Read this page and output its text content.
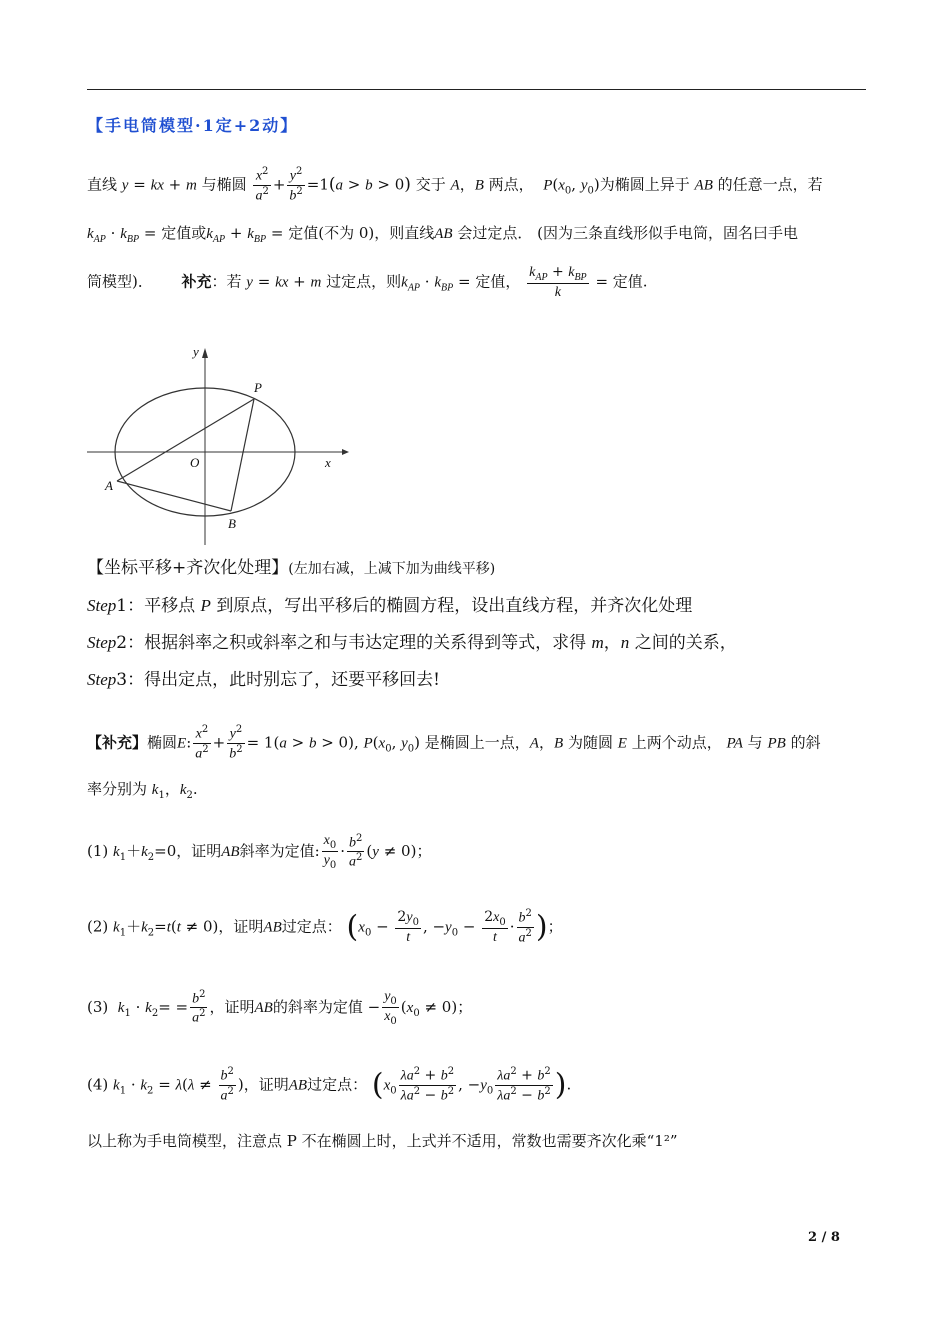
【手电筒模型·1定+2动】
直线 y = kx + m 与椭圆 $\frac{x^2}{a^2} + \frac{y^2}{b^2} =1(a > b > 0)$ 交于 A，B 两点， $P(x_0$, $y_0$)为椭圆上异于 AB 的任意一点，若
$k_{AP} \cdot k_{BP}$ = 定值或$k_{AP} + k_{BP}$ = 定值(不为 0)，则直线AB 会过定点． (因为三条直线形似手电筒，固名曰手电
筒模型)． 补充：若 y = kx + m 过定点，则$k_{AP} \cdot k_{BP}$ = 定值， $\frac{k_{AP} + k_{BP}}{k}$ = 定值.
y
P
O	x
A
B
【坐标平移+齐次化处理】(左加右减，上减下加为曲线平移)
Step1：平移点 P 到原点，写出平移后的椭圆方程，设出直线方程，并齐次化处理
Step2：根据斜率之积或斜率之和与韦达定理的关系得到等式，求得 m，n 之间的关系，
Step3：得出定点，此时别忘了，还要平移回去!
【补充】椭圆E: $\frac{x^2}{a^2} + \frac{y^2}{b^2} = 1(a > b > 0)$, $P(x_0$, $y_0$) 是椭圆上一点，A，B 为随圆 E 上两个动点， PA 与 PB 的斜
率分别为 $k_1$，$k_2$.
(1) $k_1+k_2=0$，证明AB斜率为定值: $\frac{x_0}{y_0} \cdot \frac{b^2}{a^2} (y \ne 0)$；
(2) $k_1+k_2=t(t \ne 0)$，证明AB过定点： ($x_0 - \frac{2y_0}{t}$ , $-y_0 - \frac{2x_0}{t} \cdot \frac{b^2}{a^2}$ )；
(3)  $k_1 \cdot k_2= = \frac{b^2}{a^2}$ ，证明AB的斜率为定值 − $\frac{y_0}{x_0} (x_0 \ne 0)$；
(4) $k_1 \cdot k_2 = \lambda(\lambda \ne \frac{b^2}{a^2}$ )，证明AB过定点： ($x_0 \frac{\lambda a^2 + b^2}{\lambda a^2 - b^2}$ , $-y_0 \frac{\lambda a^2 + b^2}{\lambda a^2 - b^2}$ ).
以上称为手电筒模型，注意点 P 不在椭圆上时，上式并不适用，常数也需要齐次化乘“1²”
2 / 8
